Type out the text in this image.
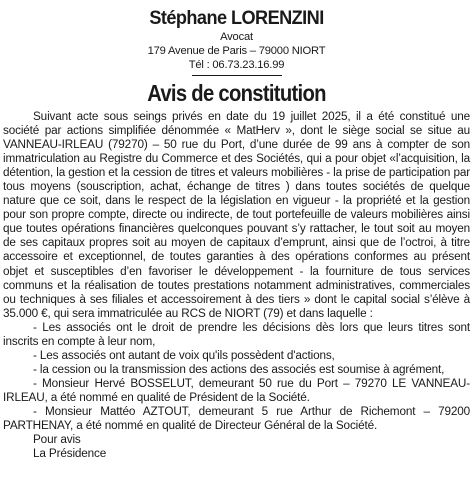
Stéphane LORENZINI
Avocat
179 Avenue de Paris – 79000 NIORT
Tél : 06.73.23.16.99
Avis de constitution

Suivant acte sous seings privés en date du 19 juillet 2025, il a été constitué une société par actions simplifiée dénommée « MatHerv », dont le siège social se situe au VANNEAU-IRLEAU (79270) – 50 rue du Port, d’une durée de 99 ans à compter de son immatriculation au Registre du Commerce et des Sociétés, qui a pour objet «l’acquisition, la détention, la gestion et la cession de titres et valeurs mobilières - la prise de participation par tous moyens (souscription, achat, échange de titres ) dans toutes sociétés de quelque nature que ce soit, dans le respect de la législation en vigueur - la propriété et la gestion pour son propre compte, directe ou indirecte, de tout portefeuille de valeurs mobilières ainsi que toutes opérations financières quelconques pouvant s’y rattacher, le tout soit au moyen de ses capitaux propres soit au moyen de capitaux d’emprunt, ainsi que de l’octroi, à titre accessoire et exceptionnel, de toutes garanties à des opérations conformes au présent objet et susceptibles d’en favoriser le développement - la fourniture de tous services communs et la réalisation de toutes prestations notamment administratives, commerciales ou techniques à ses filiales et accessoirement à des tiers » dont le capital social s’élève à 35.000 €, qui sera immatriculée au RCS de NIORT (79) et dans laquelle :

- Les associés ont le droit de prendre les décisions dès lors que leurs titres sont inscrits en compte à leur nom,

- Les associés ont autant de voix qu'ils possèdent d'actions,

- la cession ou la transmission des actions des associés est soumise à agrément,

- Monsieur Hervé BOSSELUT, demeurant 50 rue du Port – 79270 LE VANNEAU-IRLEAU, a été nommé en qualité de Président de la Société.

- Monsieur Mattéo AZTOUT, demeurant 5 rue Arthur de Richemont – 79200 PARTHENAY, a été nommé en qualité de Directeur Général de la Société.

Pour avis

La Présidence
